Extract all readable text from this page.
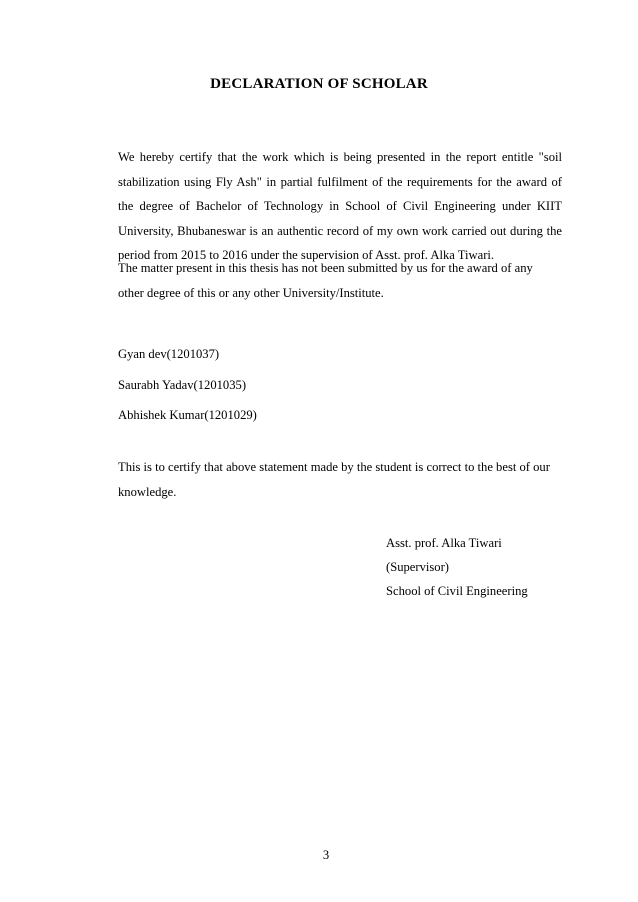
DECLARATION OF SCHOLAR
We hereby certify that the work which is being presented in the report entitle "soil stabilization using Fly Ash" in partial fulfilment of the requirements for the award of the degree of Bachelor of Technology in School of Civil Engineering under KIIT University, Bhubaneswar is an authentic record of my own work carried out during the period from 2015 to 2016 under the supervision of Asst. prof. Alka Tiwari.
The matter present in this thesis has not been submitted by us for the award of any other degree of this or any other University/Institute.
Gyan dev(1201037)
Saurabh Yadav(1201035)
Abhishek Kumar(1201029)
This is to certify that above statement made by the student is correct to the best of our knowledge.
Asst. prof. Alka Tiwari
(Supervisor)
School of Civil Engineering
3
